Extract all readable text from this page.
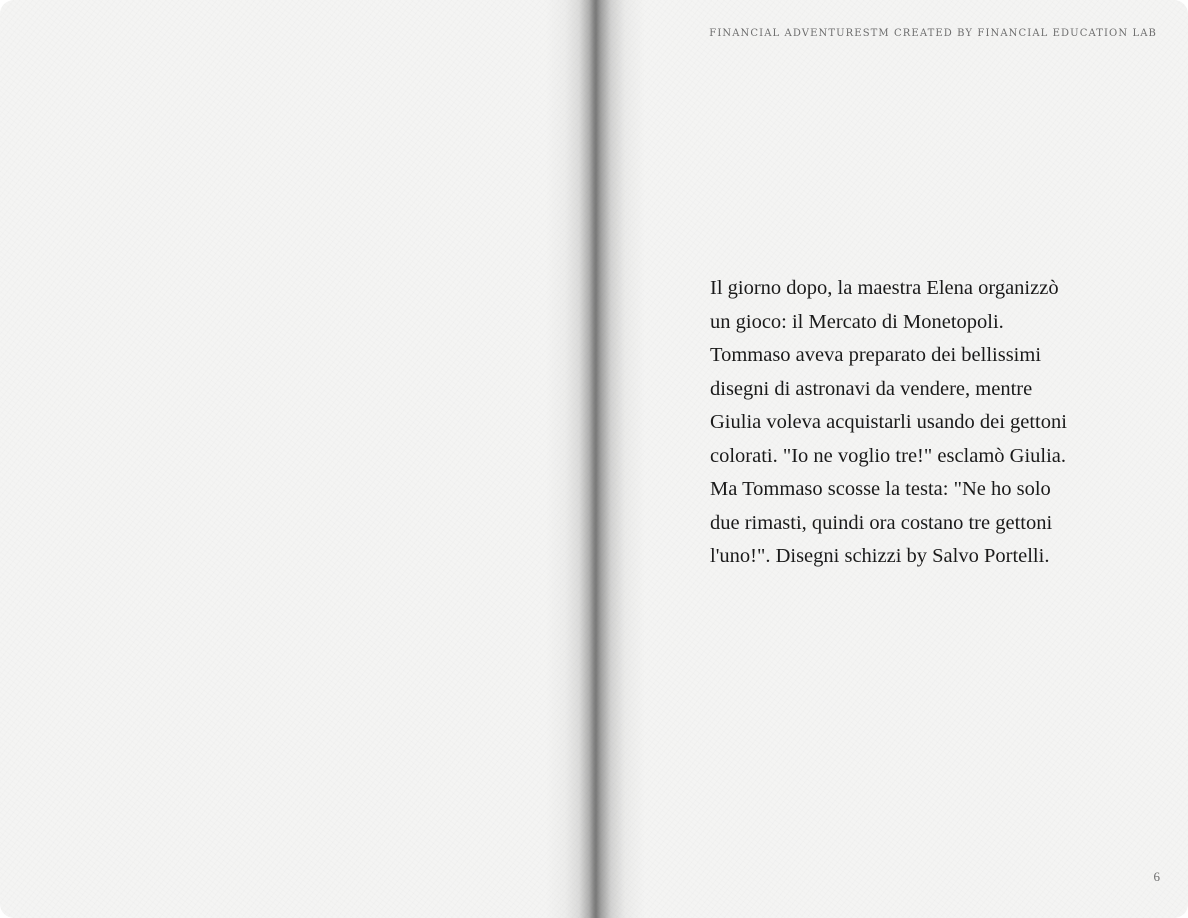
FINANCIAL ADVENTURESTM CREATED BY FINANCIAL EDUCATION LAB

Il giorno dopo, la maestra Elena organizzò un gioco: il Mercato di Monetopoli. Tommaso aveva preparato dei bellissimi disegni di astronavi da vendere, mentre Giulia voleva acquistarli usando dei gettoni colorati. "Io ne voglio tre!" esclamò Giulia. Ma Tommaso scosse la testa: "Ne ho solo due rimasti, quindi ora costano tre gettoni l'uno!". Disegni schizzi by Salvo Portelli.

6
